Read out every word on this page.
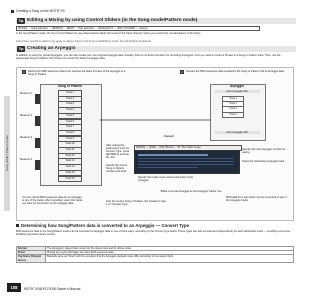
Creating a Song on the MOTIF XS
Song mode / Pattern mode
Tip Editing a Mixing by using Control Sliders (in the Song mode/Pattern mode)
[SONG] → Song selection → [MIXING] → [EDIT] → Part selection → [F3] EQ/OUT → [SF1] VOL/PAN → Volume
In the Song/Pattern mode, the four Control Sliders let you independently adjust the levels of the Parts (Voices), letting you control the overall balance of the Parts.
Instructions specific to sliders may apply to various Parts in the Song mode/Pattern mode. See the Reference Manual.
Tip Creating an Arpeggio
In addition to using the preset Arpeggios, you can also create your own original Arpeggio data. Actually, there is no direct operation for recording Arpeggios. First you need to record a Phrase to a Song or Pattern track. Then, use the appropriate Song or Pattern Job function to convert the data to Arpeggio data.
1	Record the MIDI sequence data to be used as the basis for base of the Arpeggio to a Song or Pattern.
2	Convert the MIDI sequence data created by the Song or Pattern Job to Arpeggio data.
Song or Pattern
Track 1
Track 2
Track 3
Track 4
Track 5
Track 6
Track 7
Track 8
Track 9
Track 10
Track 11
Track 12
Track 13
Track 14
Track 15
Track 16
Measure 1
Measure 2
Measure 3
Measure 4
Convert
Arpeggio
User Arpeggio 001
Track 1
Track 2
Track 3
Track 4
User Arpeggio 256
[SONG] → [JOB] → [F6] TRACK → 07: Put Track To Arp
After setting the parameters such as Convert Type, press [ENTER] to execute the Job.
Specify the User Arpeggio number for saving.
Specify the source Song or Pattern number and track.
Select the destination Arpeggio track.
Specify the tracks to be used as the basis of the Arpeggio.
"Make a normal Arpeggio as the Arpeggio Tracks" etc.
You can record MIDI sequence data for an Arpeggio to any of the tracks. After recording, select the tracks you want for conversion to the Arpeggio data.
Sets the source Song or Pattern. Set created in step 1 of "Convert Type".
MIDI data from two tracks can be converted to two of the Arpeggio tracks.
Determining how Song/Pattern data is converted to an Arpeggio — Convert Type
MIDI sequence data in the Song/Pattern tracks can be converted to Arpeggio data in one of three ways, according to the Convert type below. These types can also be selected independently for each destination track — providing enormous flexibility and performance control.
Normal	The Arpeggio is played back using only the played note and its octave notes.
Fixed	Playing any key(s) will trigger the same MIDI sequence data.
Org Notes (Original Notes)	Basically same as "Fixed" with the exception that the Arpeggio playback notes differ according to the played chord.
108	MOTIF XS6/XS7/XS8 Owner's Manual
